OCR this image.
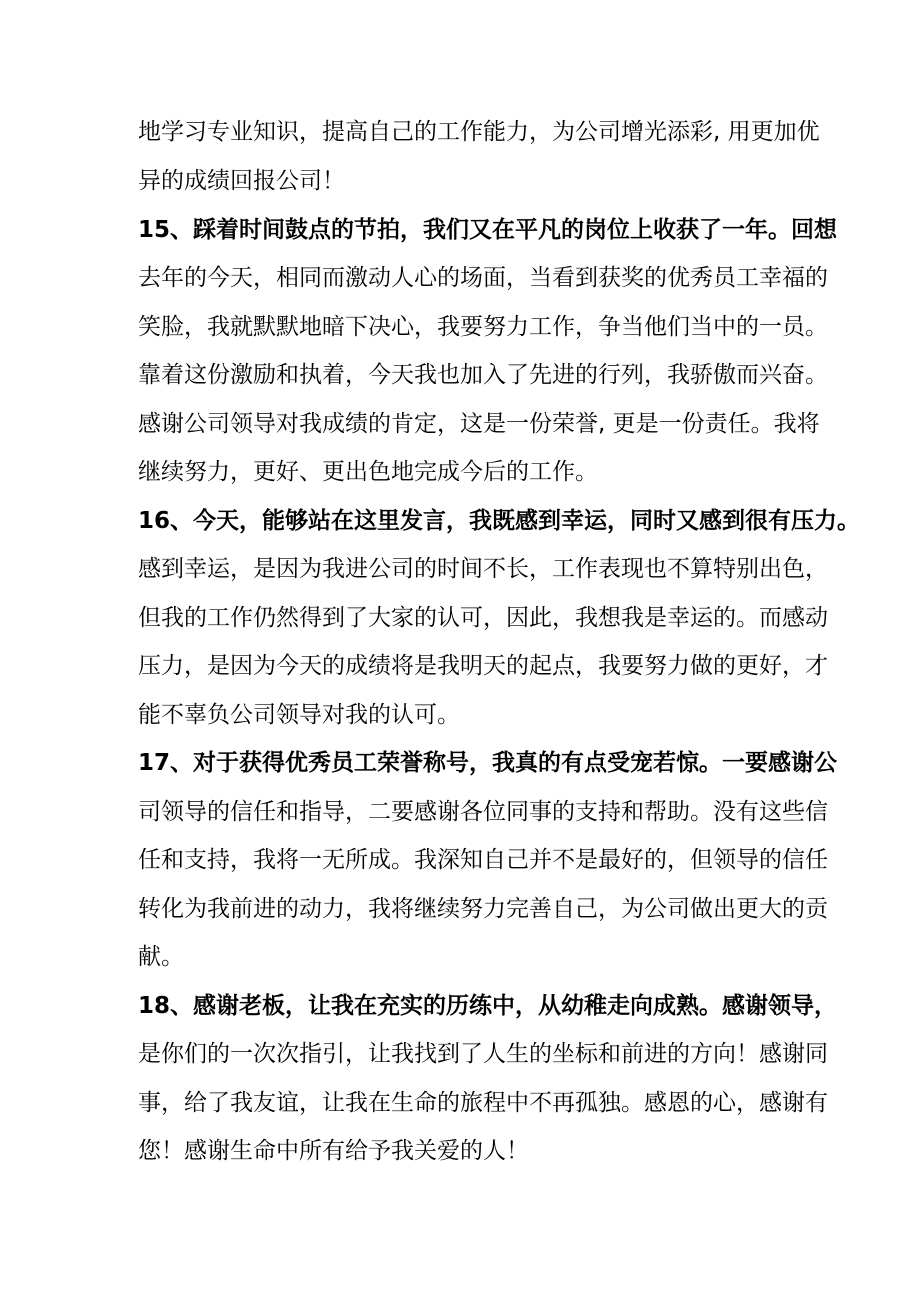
地学习专业知识，提高自己的工作能力，为公司增光添彩, 用更加优
异的成绩回报公司！
15、踩着时间鼓点的节拍，我们又在平凡的岗位上收获了一年。回想
去年的今天，相同而激动人心的场面，当看到获奖的优秀员工幸福的
笑脸，我就默默地暗下决心，我要努力工作，争当他们当中的一员。
靠着这份激励和执着，今天我也加入了先进的行列，我骄傲而兴奋。
感谢公司领导对我成绩的肯定，这是一份荣誉, 更是一份责任。我将
继续努力，更好、更出色地完成今后的工作。
16、今天，能够站在这里发言，我既感到幸运，同时又感到很有压力。
感到幸运，是因为我进公司的时间不长，工作表现也不算特别出色，
但我的工作仍然得到了大家的认可，因此，我想我是幸运的。而感动
压力，是因为今天的成绩将是我明天的起点，我要努力做的更好，才
能不辜负公司领导对我的认可。
17、对于获得优秀员工荣誉称号，我真的有点受宠若惊。一要感谢公
司领导的信任和指导，二要感谢各位同事的支持和帮助。没有这些信
任和支持，我将一无所成。我深知自己并不是最好的，但领导的信任
转化为我前进的动力，我将继续努力完善自己，为公司做出更大的贡
献。
18、感谢老板，让我在充实的历练中，从幼稚走向成熟。感谢领导，
是你们的一次次指引，让我找到了人生的坐标和前进的方向！感谢同
事，给了我友谊，让我在生命的旅程中不再孤独。感恩的心，感谢有
您！感谢生命中所有给予我关爱的人！
